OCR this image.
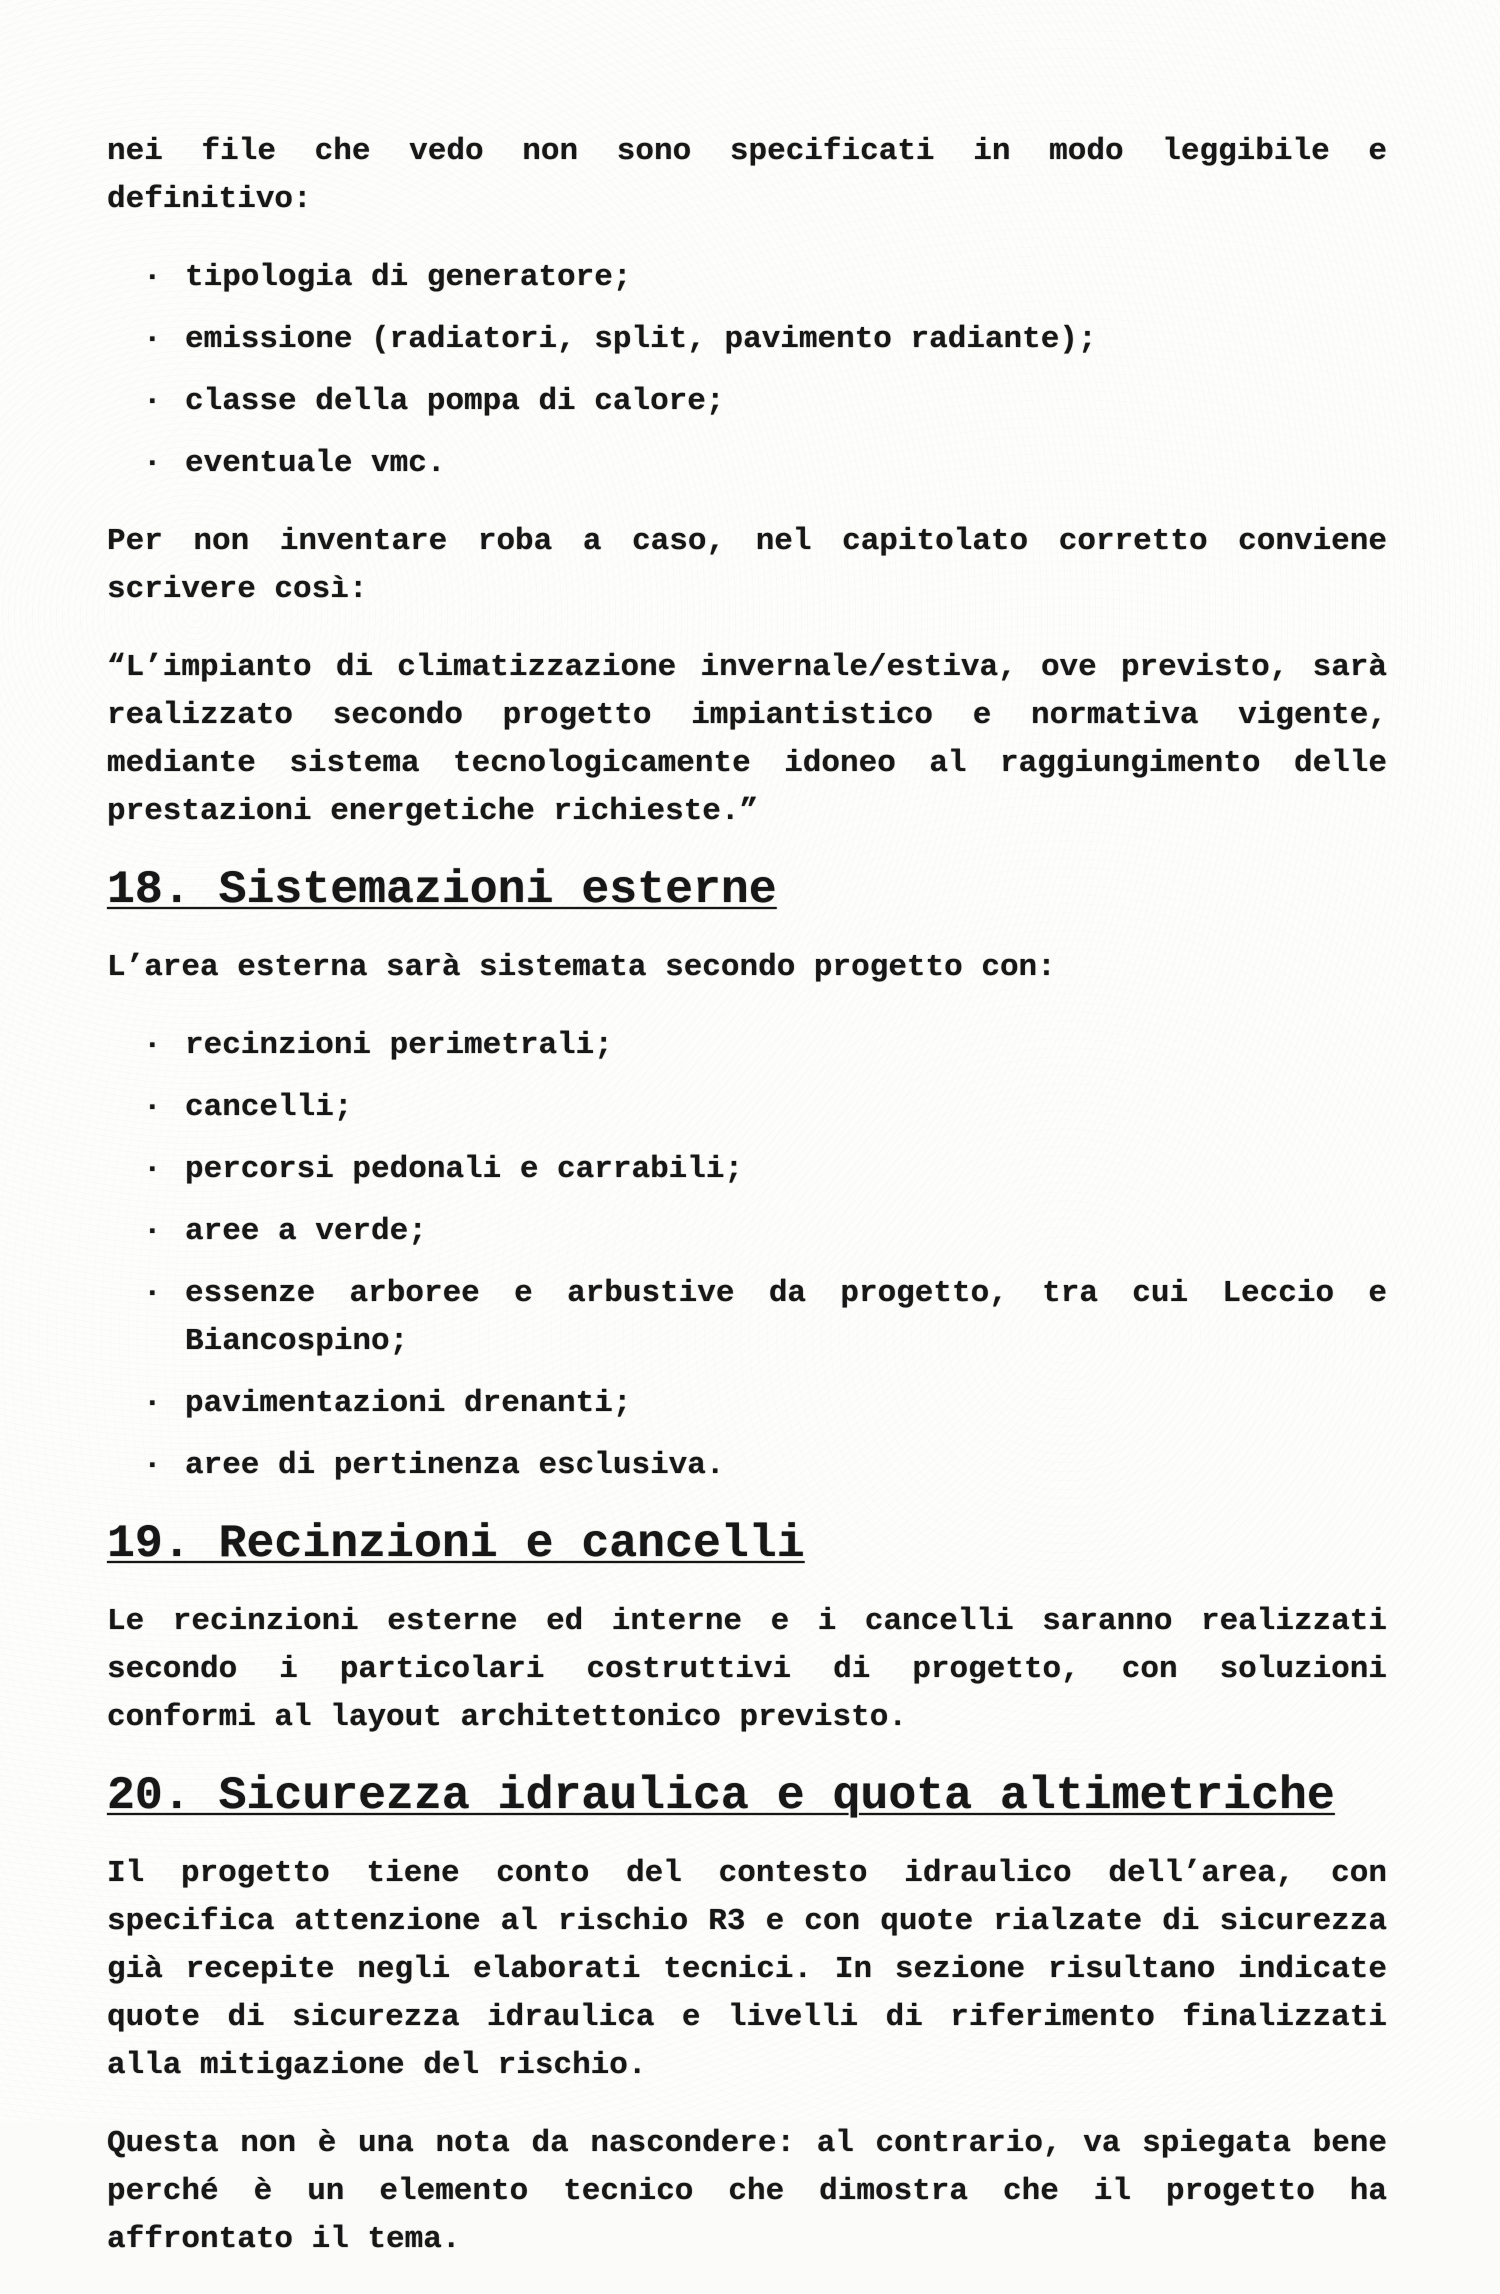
nei file che vedo non sono specificati in modo leggibile e definitivo:

· tipologia di generatore;
· emissione (radiatori, split, pavimento radiante);
· classe della pompa di calore;
· eventuale vmc.

Per non inventare roba a caso, nel capitolato corretto conviene scrivere così:

“L’impianto di climatizzazione invernale/estiva, ove previsto, sarà realizzato secondo progetto impiantistico e normativa vigente, mediante sistema tecnologicamente idoneo al raggiungimento delle prestazioni energetiche richieste.”

18. Sistemazioni esterne

L’area esterna sarà sistemata secondo progetto con:

· recinzioni perimetrali;
· cancelli;
· percorsi pedonali e carrabili;
· aree a verde;
· essenze arboree e arbustive da progetto, tra cui Leccio e Biancospino;
· pavimentazioni drenanti;
· aree di pertinenza esclusiva.
19. Recinzioni e cancelli

Le recinzioni esterne ed interne e i cancelli saranno realizzati secondo i particolari costruttivi di progetto, con soluzioni conformi al layout architettonico previsto.

20. Sicurezza idraulica e quota altimetriche

Il progetto tiene conto del contesto idraulico dell’area, con specifica attenzione al rischio R3 e con quote rialzate di sicurezza già recepite negli elaborati tecnici. In sezione risultano indicate quote di sicurezza idraulica e livelli di riferimento finalizzati alla mitigazione del rischio.

Questa non è una nota da nascondere: al contrario, va spiegata bene perché è un elemento tecnico che dimostra che il progetto ha affrontato il tema.
